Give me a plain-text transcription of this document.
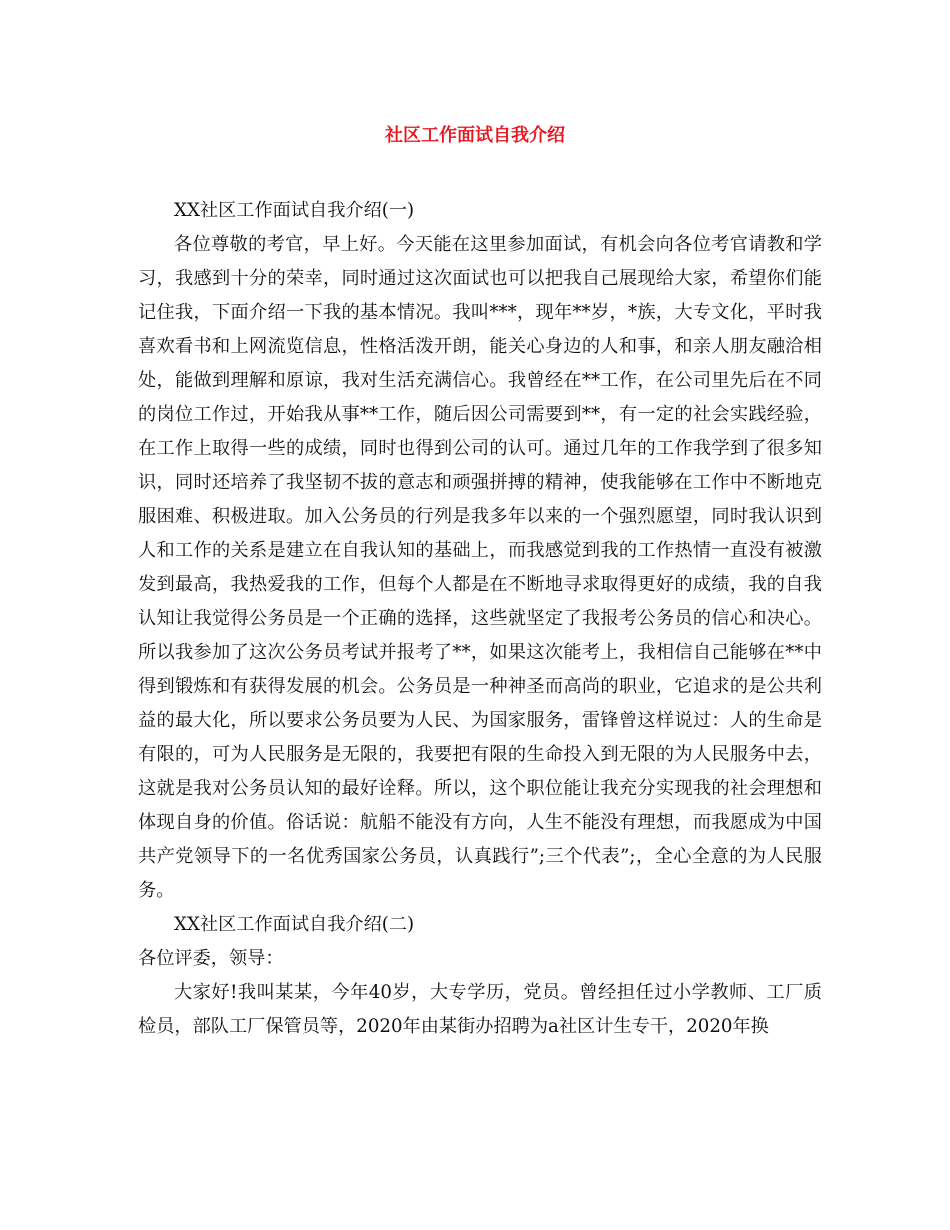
社区工作面试自我介绍

XX社区工作面试自我介绍(一)

各位尊敬的考官，早上好。今天能在这里参加面试，有机会向各位考官请教和学习，我感到十分的荣幸，同时通过这次面试也可以把我自己展现给大家，希望你们能记住我，下面介绍一下我的基本情况。我叫***，现年**岁，*族，大专文化，平时我喜欢看书和上网流览信息，性格活泼开朗，能关心身边的人和事，和亲人朋友融洽相处，能做到理解和原谅，我对生活充满信心。我曾经在**工作，在公司里先后在不同的岗位工作过，开始我从事**工作，随后因公司需要到**，有一定的社会实践经验，在工作上取得一些的成绩，同时也得到公司的认可。通过几年的工作我学到了很多知识，同时还培养了我坚韧不拔的意志和顽强拼搏的精神，使我能够在工作中不断地克服困难、积极进取。加入公务员的行列是我多年以来的一个强烈愿望，同时我认识到人和工作的关系是建立在自我认知的基础上，而我感觉到我的工作热情一直没有被激发到最高，我热爱我的工作，但每个人都是在不断地寻求取得更好的成绩，我的自我认知让我觉得公务员是一个正确的选择，这些就坚定了我报考公务员的信心和决心。所以我参加了这次公务员考试并报考了**，如果这次能考上，我相信自己能够在**中得到锻炼和有获得发展的机会。公务员是一种神圣而高尚的职业，它追求的是公共利益的最大化，所以要求公务员要为人民、为国家服务，雷锋曾这样说过：人的生命是有限的，可为人民服务是无限的，我要把有限的生命投入到无限的为人民服务中去，这就是我对公务员认知的最好诠释。所以，这个职位能让我充分实现我的社会理想和体现自身的价值。俗话说：航船不能没有方向，人生不能没有理想，而我愿成为中国共产党领导下的一名优秀国家公务员，认真践行”;三个代表”;，全心全意的为人民服务。

XX社区工作面试自我介绍(二)

各位评委，领导：

大家好!我叫某某，今年40岁，大专学历，党员。曾经担任过小学教师、工厂质检员，部队工厂保管员等，2020年由某街办招聘为a社区计生专干，2020年换
